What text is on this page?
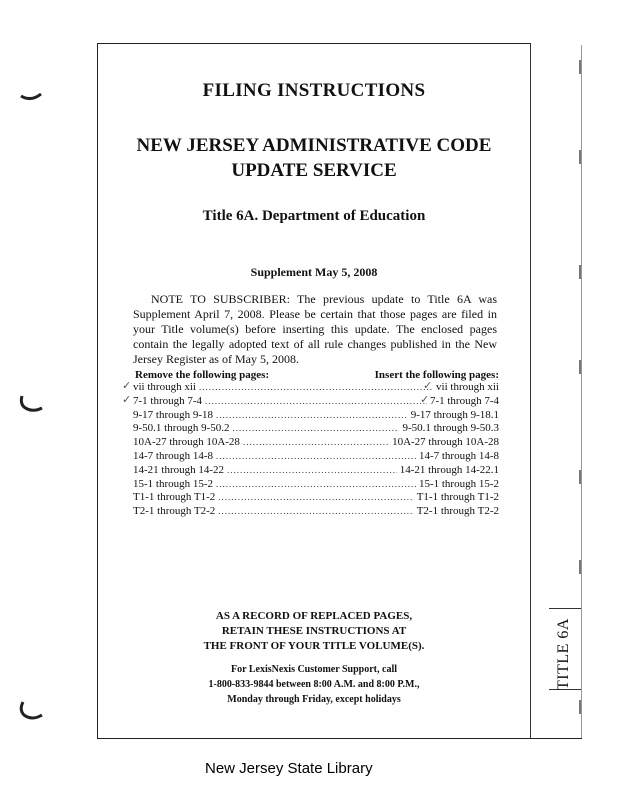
FILING INSTRUCTIONS
NEW JERSEY ADMINISTRATIVE CODE
UPDATE SERVICE
Title 6A. Department of Education
Supplement May 5, 2008
NOTE TO SUBSCRIBER: The previous update to Title 6A was Supplement April 7, 2008. Please be certain that those pages are filed in your Title volume(s) before inserting this update. The enclosed pages contain the legally adopted text of all rule changes published in the New Jersey Register as of May 5, 2008.
Remove the following pages:	Insert the following pages:
✓
✓
✓
✓
vii through xii .....	vii through xii
7-1 through 7-4 .....	7-1 through 7-4
9-17 through 9-18 .....	9-17 through 9-18.1
9-50.1 through 9-50.2 .....	9-50.1 through 9-50.3
10A-27 through 10A-28 .....	10A-27 through 10A-28
14-7 through 14-8 .....	14-7 through 14-8
14-21 through 14-22 .....	14-21 through 14-22.1
15-1 through 15-2 .....	15-1 through 15-2
T1-1 through T1-2 .....	T1-1 through T1-2
T2-1 through T2-2 .....	T2-1 through T2-2
AS A RECORD OF REPLACED PAGES,
RETAIN THESE INSTRUCTIONS AT
THE FRONT OF YOUR TITLE VOLUME(S).
For LexisNexis Customer Support, call
1-800-833-9844 between 8:00 A.M. and 8:00 P.M.,
Monday through Friday, except holidays
TITLE 6A
New Jersey State Library
